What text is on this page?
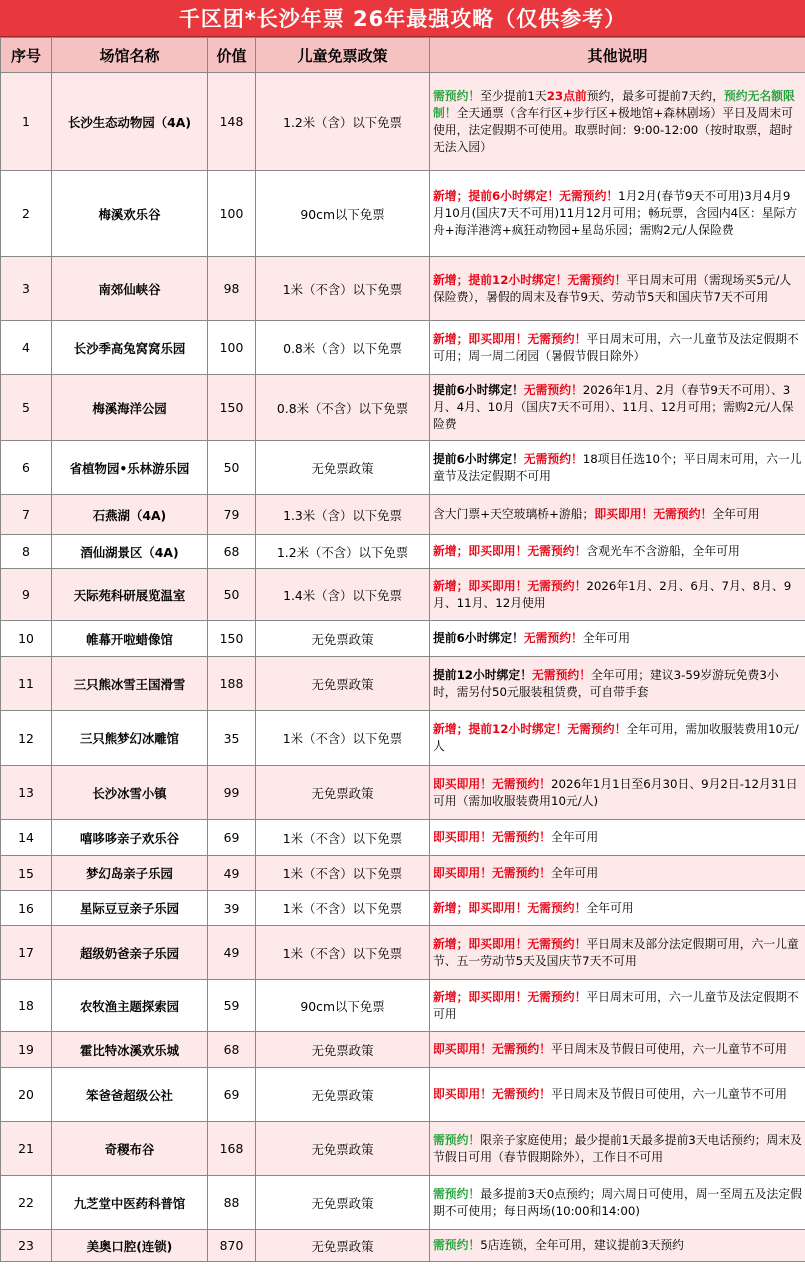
千区团*长沙年票 26年最强攻略（仅供参考）
序号	场馆名称	价值	儿童免票政策	其他说明
1	长沙生态动物园（4A)	148	1.2米（含）以下免票	需预约！至少提前1天23点前预约，最多可提前7天约，预约无名额限制！全天通票（含车行区+步行区+极地馆+森林剧场）平日及周末可使用，法定假期不可使用。取票时间：9:00-12:00（按时取票，超时无法入园）
2	梅溪欢乐谷	100	90cm以下免票	新增；提前6小时绑定！无需预约！1月2月(春节9天不可用)3月4月9月10月(国庆7天不可用)11月12月可用；畅玩票，含园内4区：星际方舟+海洋港湾+疯狂动物园+星岛乐园；需购2元/人保险费
3	南郊仙峡谷	98	1米（不含）以下免票	新增；提前12小时绑定！无需预约！平日周末可用（需现场买5元/人保险费），暑假的周末及春节9天、劳动节5天和国庆节7天不可用
4	长沙季高兔窝窝乐园	100	0.8米（含）以下免票	新增；即买即用！无需预约！平日周末可用，六一儿童节及法定假期不可用；周一周二闭园（暑假节假日除外）
5	梅溪海洋公园	150	0.8米（不含）以下免票	提前6小时绑定！无需预约！2026年1月、2月（春节9天不可用）、3月、4月、10月（国庆7天不可用）、11月、12月可用；需购2元/人保险费
6	省植物园•乐林游乐园	50	无免票政策	提前6小时绑定！无需预约！18项目任选10个；平日周末可用，六一儿童节及法定假期不可用
7	石燕湖（4A)	79	1.3米（含）以下免票	含大门票+天空玻璃桥+游船；即买即用！无需预约！全年可用
8	酒仙湖景区（4A)	68	1.2米（不含）以下免票	新增；即买即用！无需预约！含观光车不含游船，全年可用
9	天际苑科研展览温室	50	1.4米（含）以下免票	新增；即买即用！无需预约！2026年1月、2月、6月、7月、8月、9月、11月、12月使用
10	帷幕开啦蜡像馆	150	无免票政策	提前6小时绑定！无需预约！全年可用
11	三只熊冰雪王国滑雪	188	无免票政策	提前12小时绑定！无需预约！全年可用；建议3-59岁游玩免费3小时，需另付50元服装租赁费，可自带手套
12	三只熊梦幻冰雕馆	35	1米（不含）以下免票	新增；提前12小时绑定！无需预约！全年可用，需加收服装费用10元/人
13	长沙冰雪小镇	99	无免票政策	即买即用！无需预约！2026年1月1日至6月30日、9月2日-12月31日可用（需加收服装费用10元/人)
14	嘻哆哆亲子欢乐谷	69	1米（不含）以下免票	即买即用！无需预约！全年可用
15	梦幻岛亲子乐园	49	1米（不含）以下免票	即买即用！无需预约！全年可用
16	星际豆豆亲子乐园	39	1米（不含）以下免票	新增；即买即用！无需预约！全年可用
17	超级奶爸亲子乐园	49	1米（不含）以下免票	新增；即买即用！无需预约！平日周末及部分法定假期可用，六一儿童节、五一劳动节5天及国庆节7天不可用
18	农牧渔主题探索园	59	90cm以下免票	新增；即买即用！无需预约！平日周末可用，六一儿童节及法定假期不可用
19	霍比特冰溪欢乐城	68	无免票政策	即买即用！无需预约！平日周末及节假日可使用，六一儿童节不可用
20	笨爸爸超级公社	69	无免票政策	即买即用！无需预约！平日周末及节假日可使用，六一儿童节不可用
21	奇稷布谷	168	无免票政策	需预约！限亲子家庭使用；最少提前1天最多提前3天电话预约；周末及节假日可用（春节假期除外），工作日不可用
22	九芝堂中医药科普馆	88	无免票政策	需预约！最多提前3天0点预约；周六周日可使用，周一至周五及法定假期不可使用；每日两场(10:00和14:00)
23	美奥口腔(连锁)	870	无免票政策	需预约！5店连锁，全年可用，建议提前3天预约
